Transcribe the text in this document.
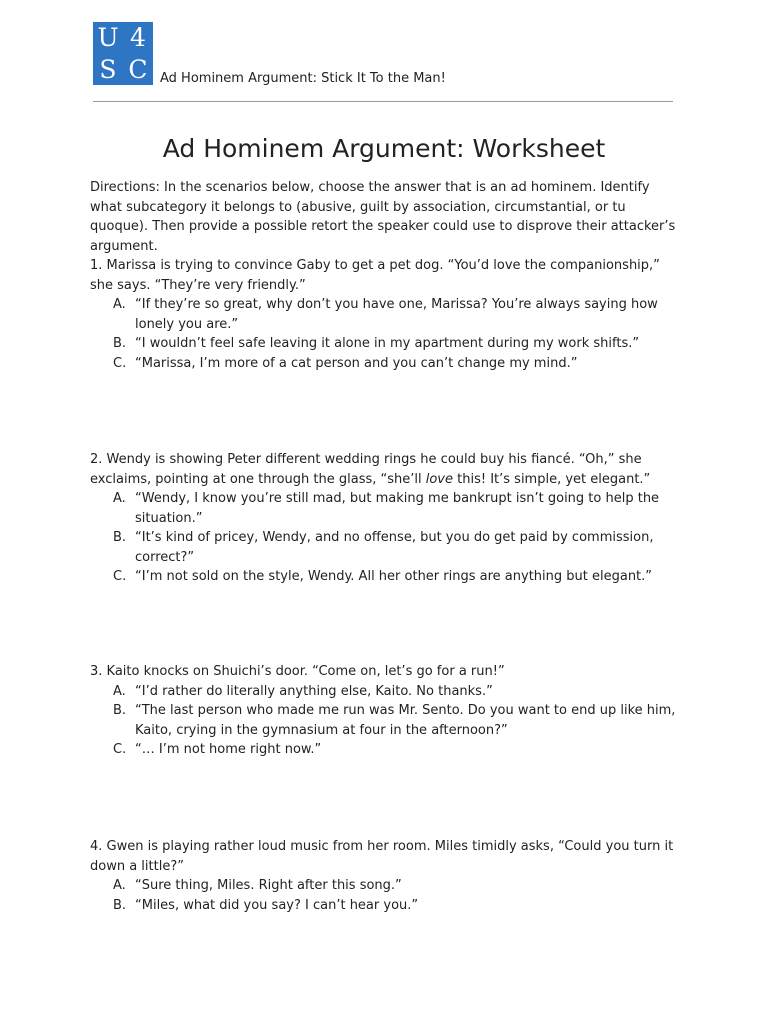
U 4
S C Ad Hominem Argument: Stick It To the Man!
Ad Hominem Argument: Worksheet

Directions: In the scenarios below, choose the answer that is an ad hominem. Identify what subcategory it belongs to (abusive, guilt by association, circumstantial, or tu quoque). Then provide a possible retort the speaker could use to disprove their attacker’s argument.

1. Marissa is trying to convince Gaby to get a pet dog. “You’d love the companionship,” she says. “They’re very friendly.”

A. “If they’re so great, why don’t you have one, Marissa? You’re always saying how lonely you are.”
B. “I wouldn’t feel safe leaving it alone in my apartment during my work shifts.”
C. “Marissa, I’m more of a cat person and you can’t change my mind.”

2. Wendy is showing Peter different wedding rings he could buy his fiancé. “Oh,” she exclaims, pointing at one through the glass, “she’ll love this! It’s simple, yet elegant.”

A. “Wendy, I know you’re still mad, but making me bankrupt isn’t going to help the situation.”
B. “It’s kind of pricey, Wendy, and no offense, but you do get paid by commission, correct?”
C. “I’m not sold on the style, Wendy. All her other rings are anything but elegant.”

3. Kaito knocks on Shuichi’s door. “Come on, let’s go for a run!”

A. “I’d rather do literally anything else, Kaito. No thanks.”
B. “The last person who made me run was Mr. Sento. Do you want to end up like him, Kaito, crying in the gymnasium at four in the afternoon?”
C. “… I’m not home right now.”

4. Gwen is playing rather loud music from her room. Miles timidly asks, “Could you turn it down a little?”

A. “Sure thing, Miles. Right after this song.”
B. “Miles, what did you say? I can’t hear you.”
